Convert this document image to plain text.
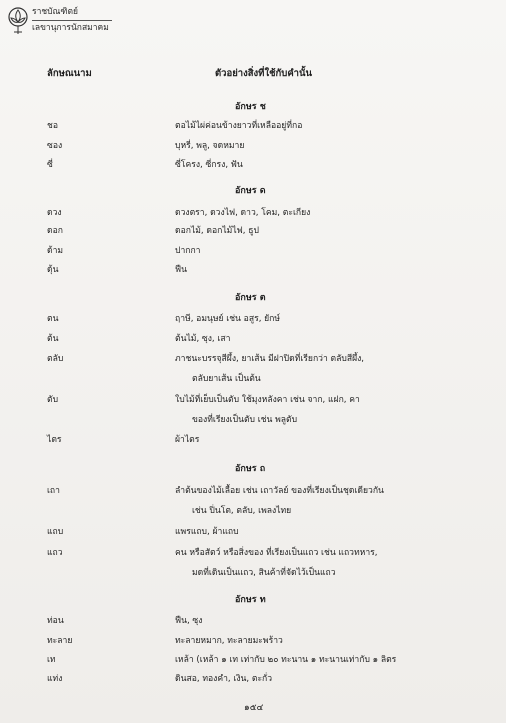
ราชบัณฑิตย์
เลขานุการนักสมาคม
ลักษณนาม	ตัวอย่างสิ่งที่ใช้กับคำนั้น
อักษร ช
ชอ	ตอไม้ไผ่ค่อนข้างยาวที่เหลืออยู่ที่กอ
ซอง	บุหรี่, พลู, จดหมาย
ซี่	ซี่โครง, ซี่กรง, ฟัน
อักษร ด
ดวง	ดวงตรา, ดวงไฟ, ดาว, โคม, ตะเกียง
ดอก	ดอกไม้, ดอกไม้ไฟ, ธูป
ด้าม	ปากกา
ดุ้น	ฟืน
อักษร ต
ตน	ฤาษี, อมนุษย์ เช่น อสูร, ยักษ์
ต้น	ต้นไม้, ซุง, เสา
ตลับ	ภาชนะบรรจุสีผึ้ง, ยาเส้น มีฝาปิดที่เรียกว่า ตลับสีผึ้ง,
ตลับยาเส้น เป็นต้น
ตับ	ใบไม้ที่เย็บเป็นตับ ใช้มุงหลังคา เช่น จาก, แฝก, คา
ของที่เรียงเป็นตับ เช่น พลูตับ
ไตร	ผ้าไตร
อักษร ถ
เถา	ลำต้นของไม้เลื้อย เช่น เถาวัลย์ ของที่เรียงเป็นชุดเดียวกัน
เช่น ปิ่นโต, ตลับ, เพลงไทย
แถบ	แพรแถบ, ผ้าแถบ
แถว	คน หรือสัตว์ หรือสิ่งของ ที่เรียงเป็นแถว เช่น แถวทหาร,
มดที่เดินเป็นแถว, สินค้าที่จัดไว้เป็นแถว
อักษร ท
ท่อน	ฟืน, ซุง
ทะลาย	ทะลายหมาก, ทะลายมะพร้าว
เท	เหล้า (เหล้า ๑ เท เท่ากับ ๒๐ ทะนาน ๑ ทะนานเท่ากับ ๑ ลิตร
แท่ง	ดินสอ, ทองคำ, เงิน, ตะกั่ว
๑๕๔
